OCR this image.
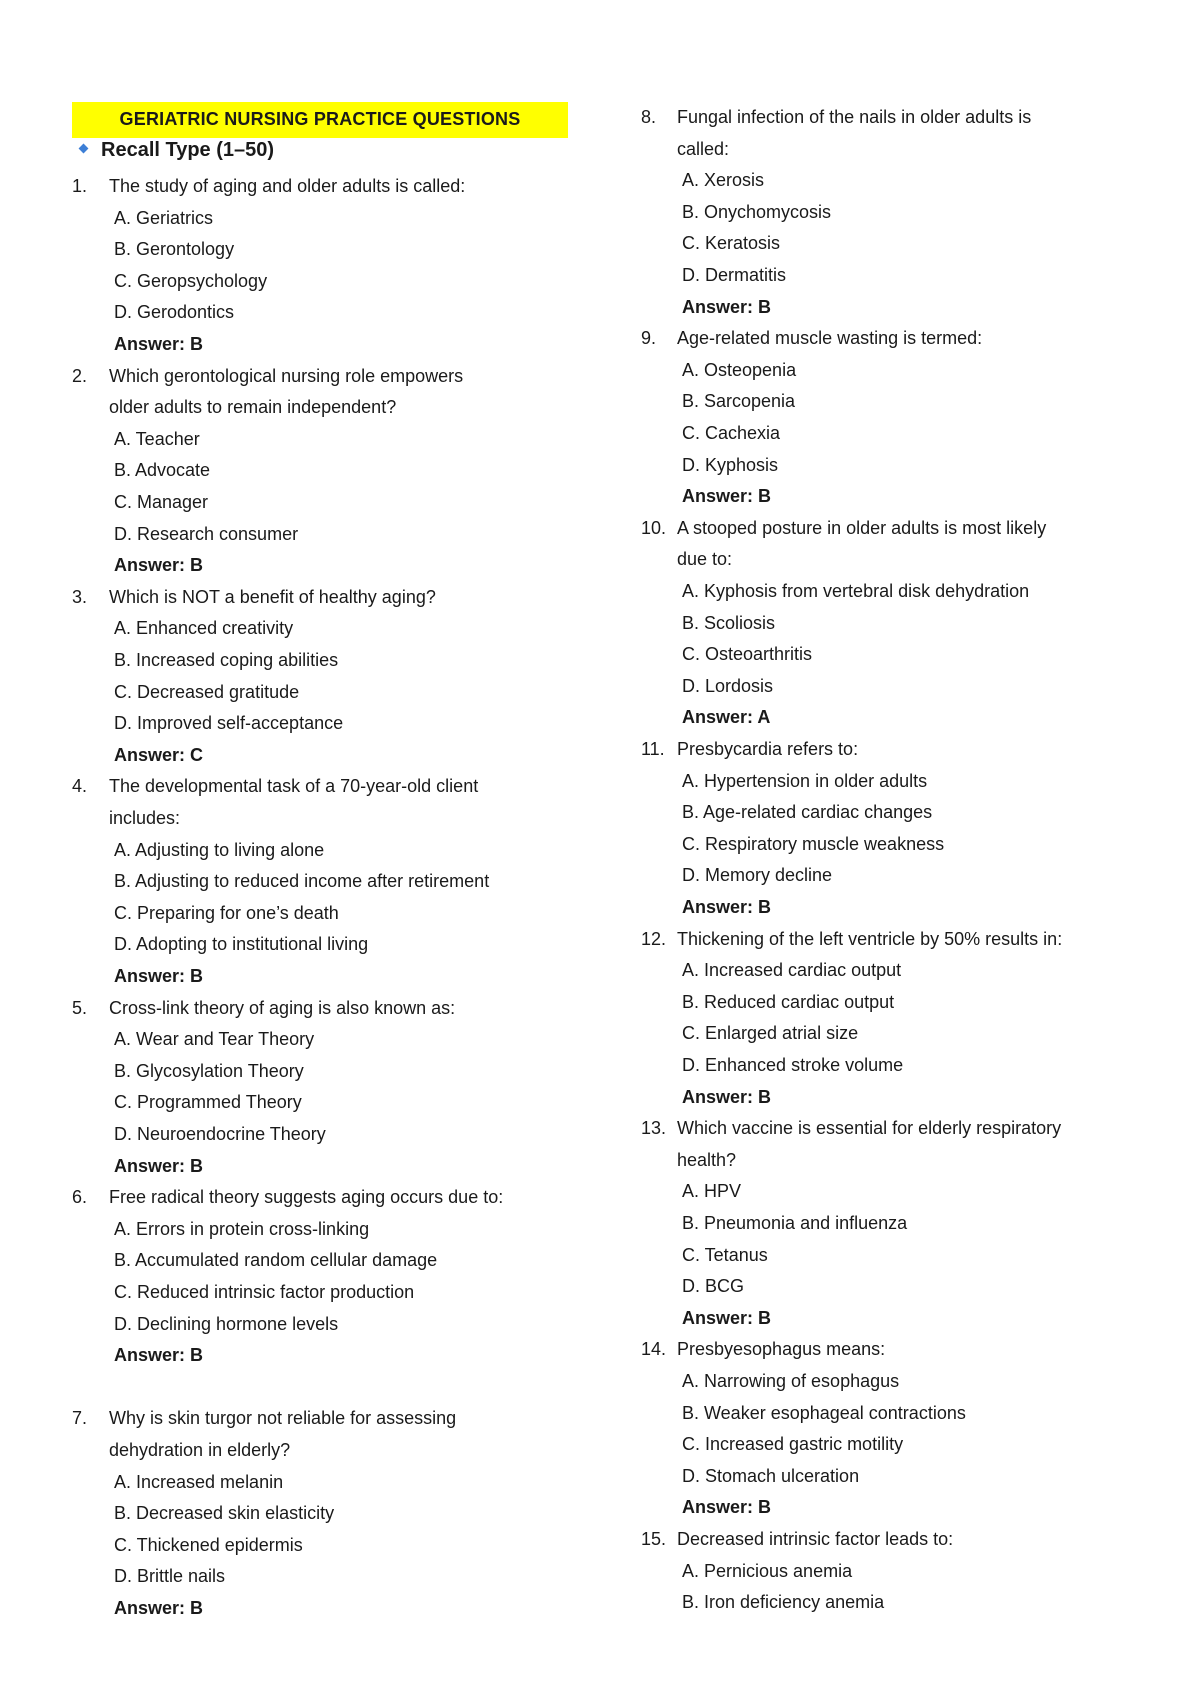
GERIATRIC NURSING PRACTICE QUESTIONS
Recall Type (1–50)
1. The study of aging and older adults is called:
A. Geriatrics
B. Gerontology
C. Geropsychology
D. Gerodontics
Answer: B
2. Which gerontological nursing role empowers
older adults to remain independent?
A. Teacher
B. Advocate
C. Manager
D. Research consumer
Answer: B
3. Which is NOT a benefit of healthy aging?
A. Enhanced creativity
B. Increased coping abilities
C. Decreased gratitude
D. Improved self-acceptance
Answer: C
4. The developmental task of a 70-year-old client
includes:
A. Adjusting to living alone
B. Adjusting to reduced income after retirement
C. Preparing for one’s death
D. Adopting to institutional living
Answer: B
5. Cross-link theory of aging is also known as:
A. Wear and Tear Theory
B. Glycosylation Theory
C. Programmed Theory
D. Neuroendocrine Theory
Answer: B
6. Free radical theory suggests aging occurs due to:
A. Errors in protein cross-linking
B. Accumulated random cellular damage
C. Reduced intrinsic factor production
D. Declining hormone levels
Answer: B
7. Why is skin turgor not reliable for assessing
dehydration in elderly?
A. Increased melanin
B. Decreased skin elasticity
C. Thickened epidermis
D. Brittle nails
Answer: B
8. Fungal infection of the nails in older adults is
called:
A. Xerosis
B. Onychomycosis
C. Keratosis
D. Dermatitis
Answer: B
9. Age-related muscle wasting is termed:
A. Osteopenia
B. Sarcopenia
C. Cachexia
D. Kyphosis
Answer: B
10. A stooped posture in older adults is most likely
due to:
A. Kyphosis from vertebral disk dehydration
B. Scoliosis
C. Osteoarthritis
D. Lordosis
Answer: A
11. Presbycardia refers to:
A. Hypertension in older adults
B. Age-related cardiac changes
C. Respiratory muscle weakness
D. Memory decline
Answer: B
12. Thickening of the left ventricle by 50% results in:
A. Increased cardiac output
B. Reduced cardiac output
C. Enlarged atrial size
D. Enhanced stroke volume
Answer: B
13. Which vaccine is essential for elderly respiratory
health?
A. HPV
B. Pneumonia and influenza
C. Tetanus
D. BCG
Answer: B
14. Presbyesophagus means:
A. Narrowing of esophagus
B. Weaker esophageal contractions
C. Increased gastric motility
D. Stomach ulceration
Answer: B
15. Decreased intrinsic factor leads to:
A. Pernicious anemia
B. Iron deficiency anemia
